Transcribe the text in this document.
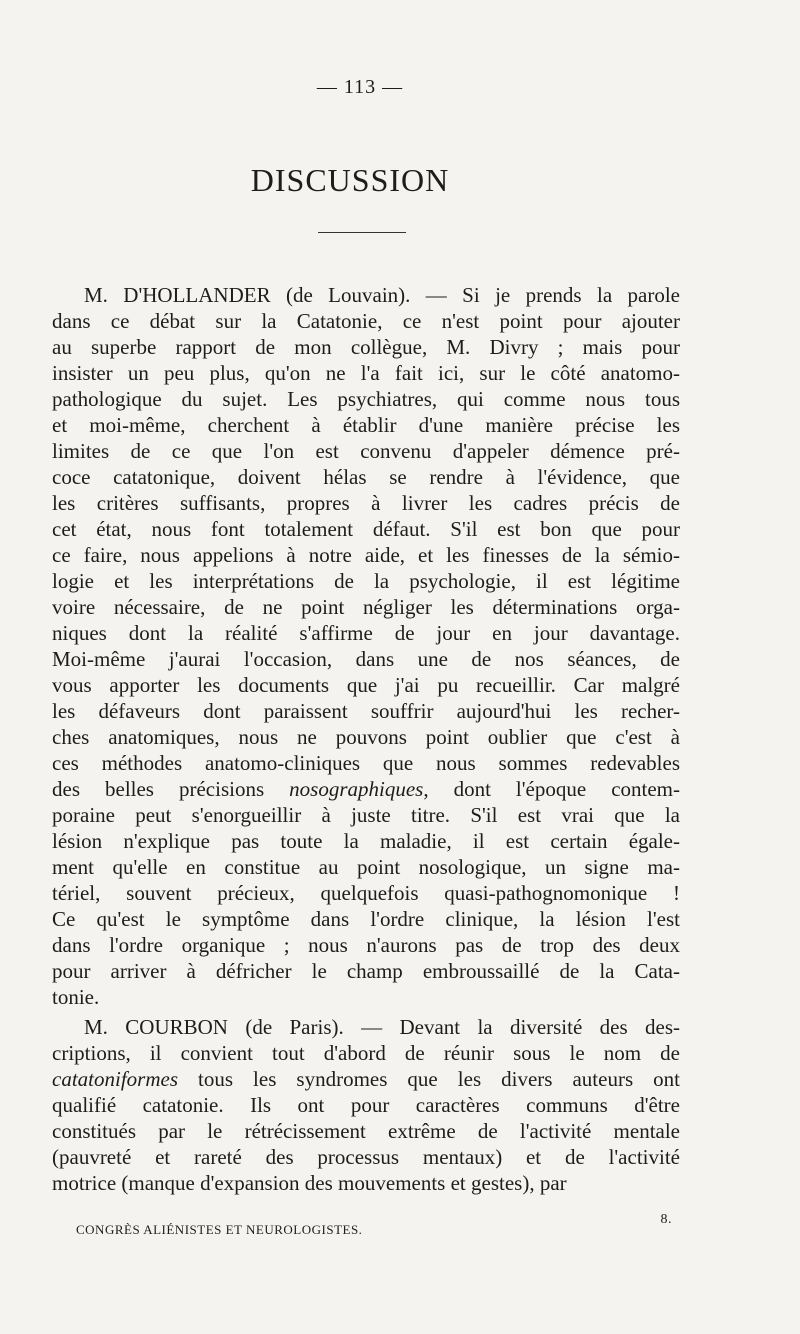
— 113 —
DISCUSSION
M. D'HOLLANDER (de Louvain). — Si je prends la parole
dans ce débat sur la Catatonie, ce n'est point pour ajouter
au superbe rapport de mon collègue, M. Divry ; mais pour
insister un peu plus, qu'on ne l'a fait ici, sur le côté anatomo-
pathologique du sujet. Les psychiatres, qui comme nous tous
et moi-même, cherchent à établir d'une manière précise les
limites de ce que l'on est convenu d'appeler démence pré-
coce catatonique, doivent hélas se rendre à l'évidence, que
les critères suffisants, propres à livrer les cadres précis de
cet état, nous font totalement défaut. S'il est bon que pour
ce faire, nous appelions à notre aide, et les finesses de la sémio-
logie et les interprétations de la psychologie, il est légitime
voire nécessaire, de ne point négliger les déterminations orga-
niques dont la réalité s'affirme de jour en jour davantage.
Moi-même j'aurai l'occasion, dans une de nos séances, de
vous apporter les documents que j'ai pu recueillir. Car malgré
les défaveurs dont paraissent souffrir aujourd'hui les recher-
ches anatomiques, nous ne pouvons point oublier que c'est à
ces méthodes anatomo-cliniques que nous sommes redevables
des belles précisions nosographiques, dont l'époque contem-
poraine peut s'enorgueillir à juste titre. S'il est vrai que la
lésion n'explique pas toute la maladie, il est certain égale-
ment qu'elle en constitue au point nosologique, un signe ma-
tériel, souvent précieux, quelquefois quasi-pathognomonique !
Ce qu'est le symptôme dans l'ordre clinique, la lésion l'est
dans l'ordre organique ; nous n'aurons pas de trop des deux
pour arriver à défricher le champ embroussaillé de la Cata-
tonie.
M. COURBON (de Paris). — Devant la diversité des des-
criptions, il convient tout d'abord de réunir sous le nom de
catatoniformes tous les syndromes que les divers auteurs ont
qualifié catatonie. Ils ont pour caractères communs d'être
constitués par le rétrécissement extrême de l'activité mentale
(pauvreté et rareté des processus mentaux) et de l'activité
motrice (manque d'expansion des mouvements et gestes), par
CONGRÈS ALIÉNISTES ET NEUROLOGISTES.
8.
